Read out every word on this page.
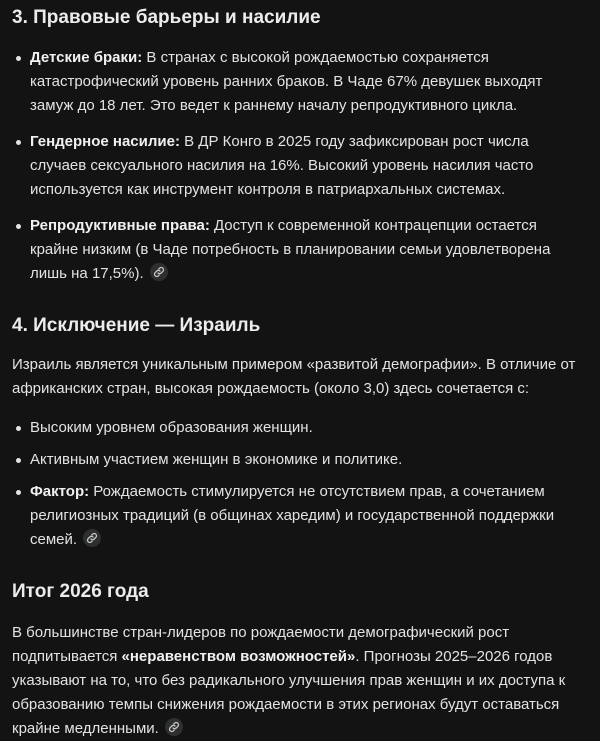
3. Правовые барьеры и насилие
Детские браки: В странах с высокой рождаемостью сохраняется катастрофический уровень ранних браков. В Чаде 67% девушек выходят замуж до 18 лет. Это ведет к раннему началу репродуктивного цикла.
Гендерное насилие: В ДР Конго в 2025 году зафиксирован рост числа случаев сексуального насилия на 16%. Высокий уровень насилия часто используется как инструмент контроля в патриархальных системах.
Репродуктивные права: Доступ к современной контрацепции остается крайне низким (в Чаде потребность в планировании семьи удовлетворена лишь на 17,5%).
4. Исключение — Израиль

Израиль является уникальным примером «развитой демографии». В отличие от африканских стран, высокая рождаемость (около 3,0) здесь сочетается с:

Высоким уровнем образования женщин.
Активным участием женщин в экономике и политике.
Фактор: Рождаемость стимулируется не отсутствием прав, а сочетанием религиозных традиций (в общинах харедим) и государственной поддержки семей.
Итог 2026 года

В большинстве стран-лидеров по рождаемости демографический рост подпитывается «неравенством возможностей». Прогнозы 2025–2026 годов указывают на то, что без радикального улучшения прав женщин и их доступа к образованию темпы снижения рождаемости в этих регионах будут оставаться крайне медленными.
